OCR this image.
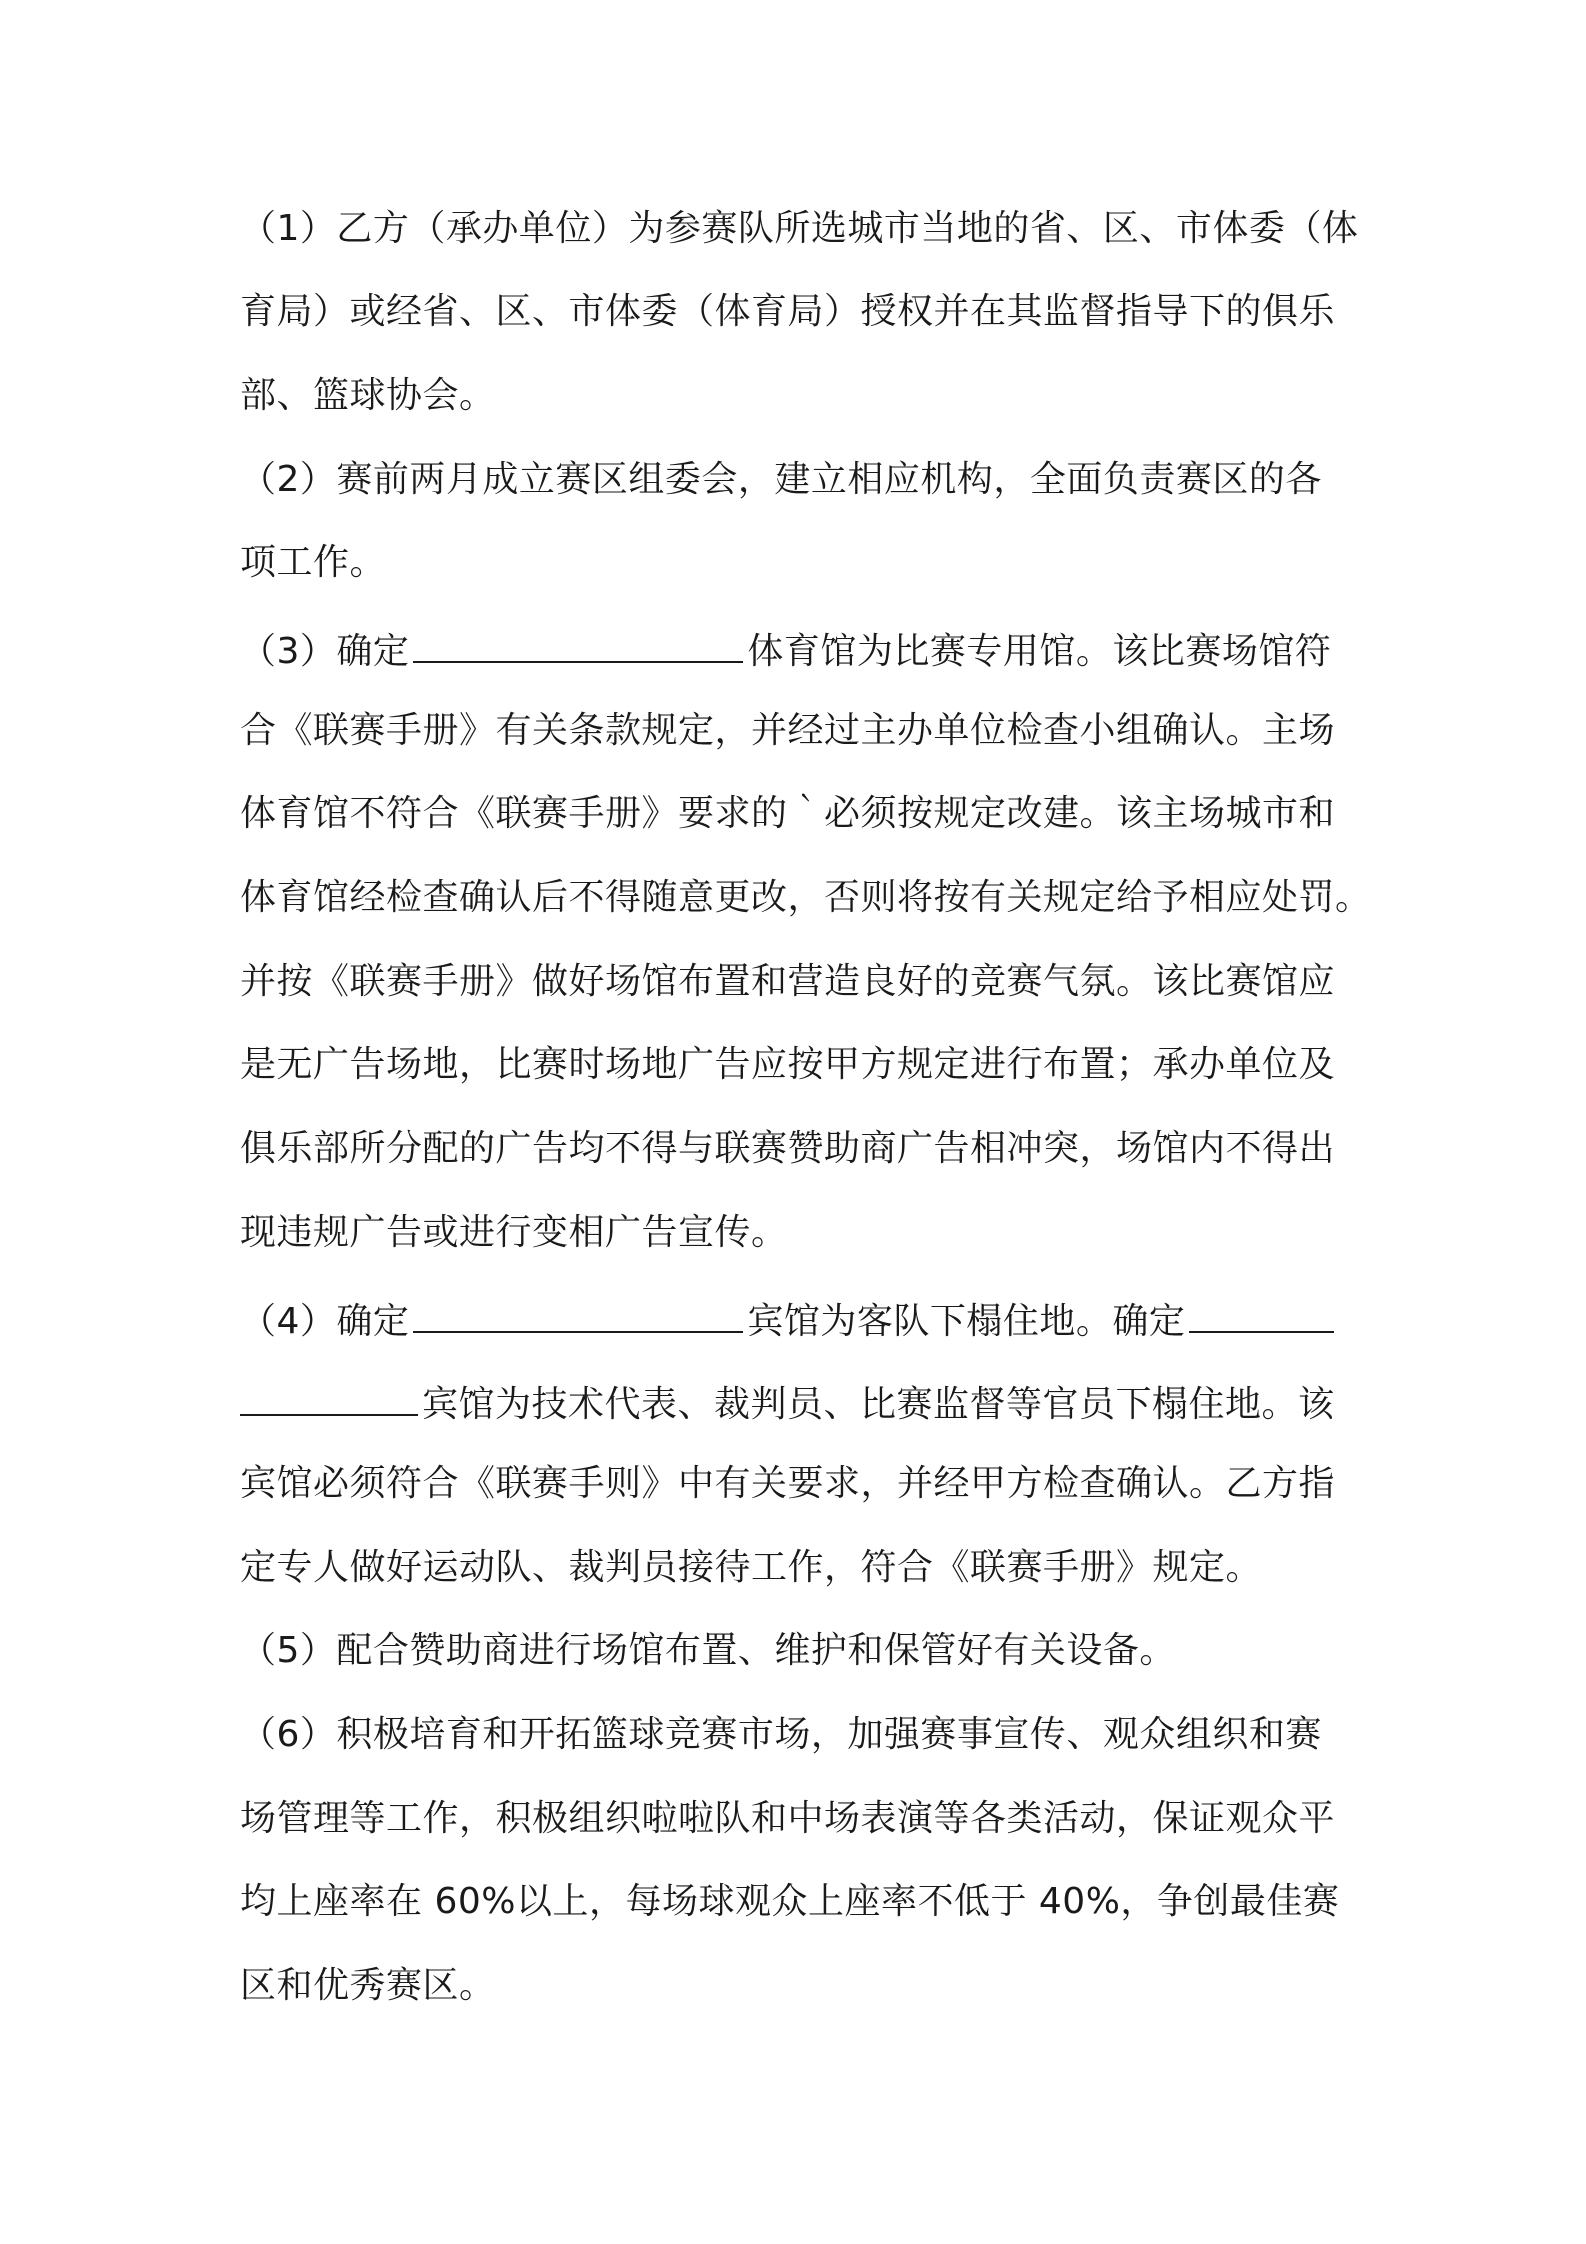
（1）乙方（承办单位）为参赛队所选城市当地的省、区、市体委（体
育局）或经省、区、市体委（体育局）授权并在其监督指导下的俱乐
部、篮球协会。
（2）赛前两月成立赛区组委会，建立相应机构，全面负责赛区的各
项工作。
（3）确定	体育馆为比赛专用馆。该比赛场馆符
合《联赛手册》有关条款规定，并经过主办单位检查小组确认。主场
体育馆不符合《联赛手册》要求的｀必须按规定改建。该主场城市和
体育馆经检查确认后不得随意更改，否则将按有关规定给予相应处罚。
并按《联赛手册》做好场馆布置和营造良好的竞赛气氛。该比赛馆应
是无广告场地，比赛时场地广告应按甲方规定进行布置；承办单位及
俱乐部所分配的广告均不得与联赛赞助商广告相冲突，场馆内不得出
现违规广告或进行变相广告宣传。
（4）确定	宾馆为客队下榻住地。确定
宾馆为技术代表、裁判员、比赛监督等官员下榻住地。该
宾馆必须符合《联赛手则》中有关要求，并经甲方检查确认。乙方指
定专人做好运动队、裁判员接待工作，符合《联赛手册》规定。
（5）配合赞助商进行场馆布置、维护和保管好有关设备。
（6）积极培育和开拓篮球竞赛市场，加强赛事宣传、观众组织和赛
场管理等工作，积极组织啦啦队和中场表演等各类活动，保证观众平
均上座率在 60%以上，每场球观众上座率不低于 40%，争创最佳赛
区和优秀赛区。
